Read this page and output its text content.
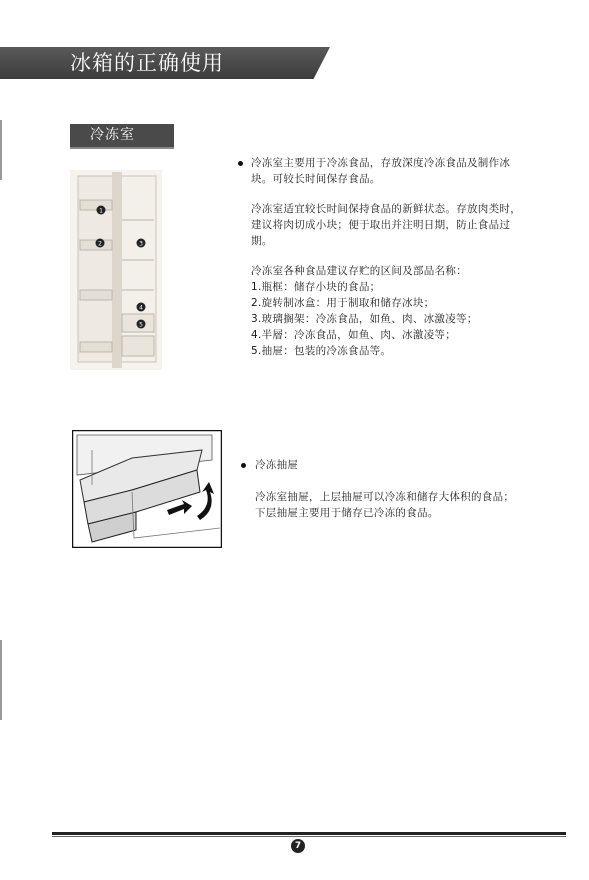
冰箱的正确使用
冷冻室
1
2	3
4
5
冷冻室主要用于冷冻食品，存放深度冷冻食品及制作冰
块。可较长时间保存食品。
冷冻室适宜较长时间保持食品的新鲜状态。存放肉类时，
建议将肉切成小块；便于取出并注明日期，防止食品过
期。
冷冻室各种食品建议存贮的区间及部品名称：
1.瓶框：储存小块的食品；
2.旋转制冰盒：用于制取和储存冰块；
3.玻璃搁架：冷冻食品，如鱼、肉、冰激凌等；
4.半層：冷冻食品，如鱼、肉、冰激凌等；
5.抽屉：包装的冷冻食品等。
冷冻抽屉
冷冻室抽屉，上层抽屉可以冷冻和储存大体积的食品；
下层抽屉主要用于储存已冷冻的食品。
7
